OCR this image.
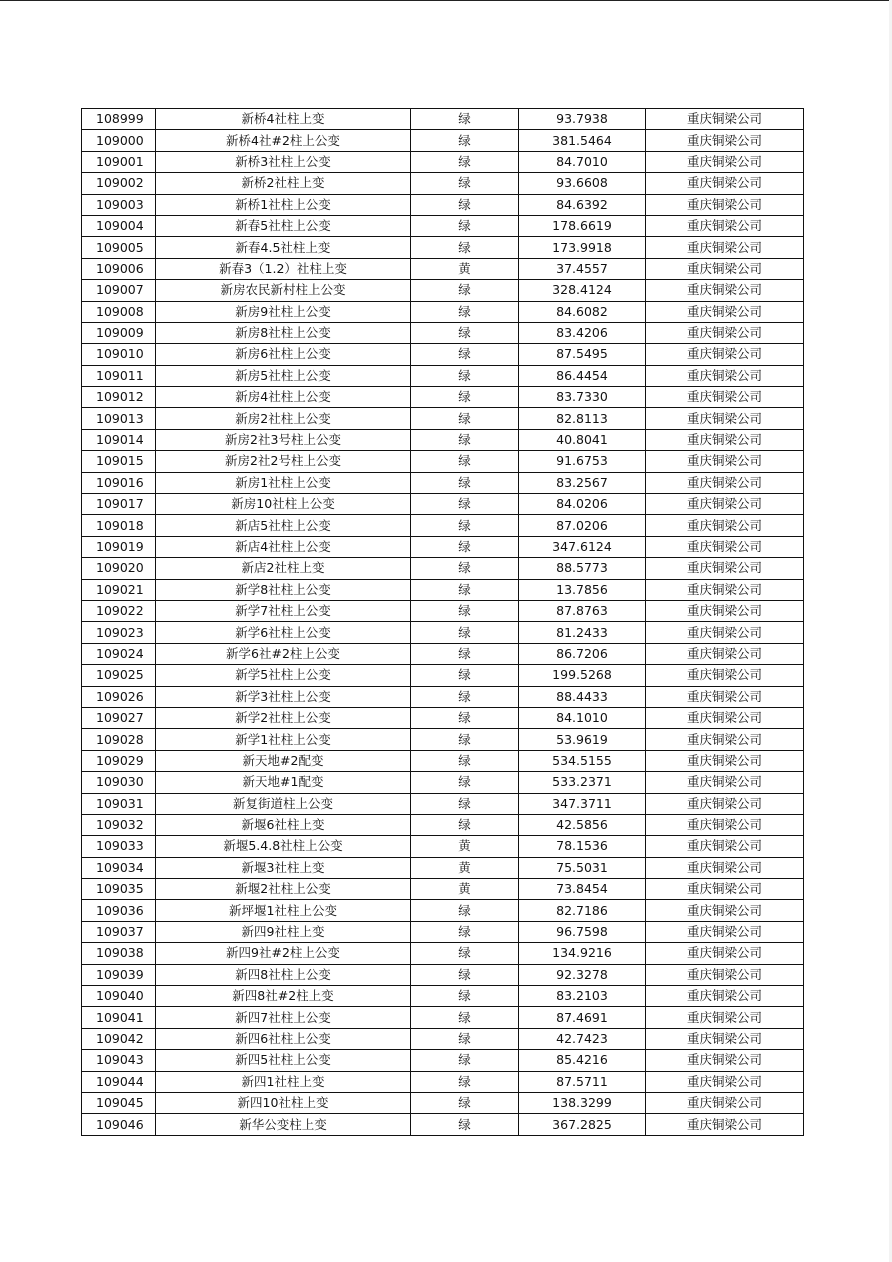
108999	新桥4社柱上变	绿	93.7938	重庆铜梁公司
109000	新桥4社#2柱上公变	绿	381.5464	重庆铜梁公司
109001	新桥3社柱上公变	绿	84.7010	重庆铜梁公司
109002	新桥2社柱上变	绿	93.6608	重庆铜梁公司
109003	新桥1社柱上公变	绿	84.6392	重庆铜梁公司
109004	新春5社柱上公变	绿	178.6619	重庆铜梁公司
109005	新春4.5社柱上变	绿	173.9918	重庆铜梁公司
109006	新春3（1.2）社柱上变	黄	37.4557	重庆铜梁公司
109007	新房农民新村柱上公变	绿	328.4124	重庆铜梁公司
109008	新房9社柱上公变	绿	84.6082	重庆铜梁公司
109009	新房8社柱上公变	绿	83.4206	重庆铜梁公司
109010	新房6社柱上公变	绿	87.5495	重庆铜梁公司
109011	新房5社柱上公变	绿	86.4454	重庆铜梁公司
109012	新房4社柱上公变	绿	83.7330	重庆铜梁公司
109013	新房2社柱上公变	绿	82.8113	重庆铜梁公司
109014	新房2社3号柱上公变	绿	40.8041	重庆铜梁公司
109015	新房2社2号柱上公变	绿	91.6753	重庆铜梁公司
109016	新房1社柱上公变	绿	83.2567	重庆铜梁公司
109017	新房10社柱上公变	绿	84.0206	重庆铜梁公司
109018	新店5社柱上公变	绿	87.0206	重庆铜梁公司
109019	新店4社柱上公变	绿	347.6124	重庆铜梁公司
109020	新店2社柱上变	绿	88.5773	重庆铜梁公司
109021	新学8社柱上公变	绿	13.7856	重庆铜梁公司
109022	新学7社柱上公变	绿	87.8763	重庆铜梁公司
109023	新学6社柱上公变	绿	81.2433	重庆铜梁公司
109024	新学6社#2柱上公变	绿	86.7206	重庆铜梁公司
109025	新学5社柱上公变	绿	199.5268	重庆铜梁公司
109026	新学3社柱上公变	绿	88.4433	重庆铜梁公司
109027	新学2社柱上公变	绿	84.1010	重庆铜梁公司
109028	新学1社柱上公变	绿	53.9619	重庆铜梁公司
109029	新天地#2配变	绿	534.5155	重庆铜梁公司
109030	新天地#1配变	绿	533.2371	重庆铜梁公司
109031	新复街道柱上公变	绿	347.3711	重庆铜梁公司
109032	新堰6社柱上变	绿	42.5856	重庆铜梁公司
109033	新堰5.4.8社柱上公变	黄	78.1536	重庆铜梁公司
109034	新堰3社柱上变	黄	75.5031	重庆铜梁公司
109035	新堰2社柱上公变	黄	73.8454	重庆铜梁公司
109036	新坪堰1社柱上公变	绿	82.7186	重庆铜梁公司
109037	新四9社柱上变	绿	96.7598	重庆铜梁公司
109038	新四9社#2柱上公变	绿	134.9216	重庆铜梁公司
109039	新四8社柱上公变	绿	92.3278	重庆铜梁公司
109040	新四8社#2柱上变	绿	83.2103	重庆铜梁公司
109041	新四7社柱上公变	绿	87.4691	重庆铜梁公司
109042	新四6社柱上公变	绿	42.7423	重庆铜梁公司
109043	新四5社柱上公变	绿	85.4216	重庆铜梁公司
109044	新四1社柱上变	绿	87.5711	重庆铜梁公司
109045	新四10社柱上变	绿	138.3299	重庆铜梁公司
109046	新华公变柱上变	绿	367.2825	重庆铜梁公司
